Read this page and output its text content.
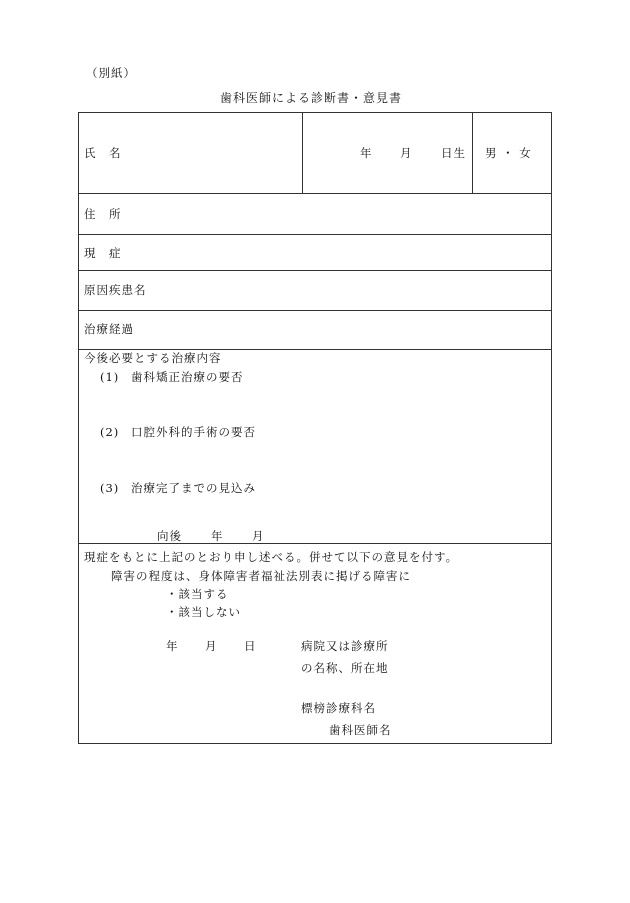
（別紙）
歯科医師による診断書・意見書
氏　名	年 月 日生 男 ・ 女
住　所
現　症
原因疾患名
治療経過
今後必要とする治療内容
(1) 歯科矯正治療の要否
(2) 口腔外科的手術の要否
(3) 治療完了までの見込み
向後	年 月
現症をもとに上記のとおり申し述べる。併せて以下の意見を付す。
障害の程度は、身体障害者福祉法別表に掲げる障害に
・該当する
・該当しない
年 月 日	病院又は診療所
の名称、所在地
標榜診療科名
歯科医師名
